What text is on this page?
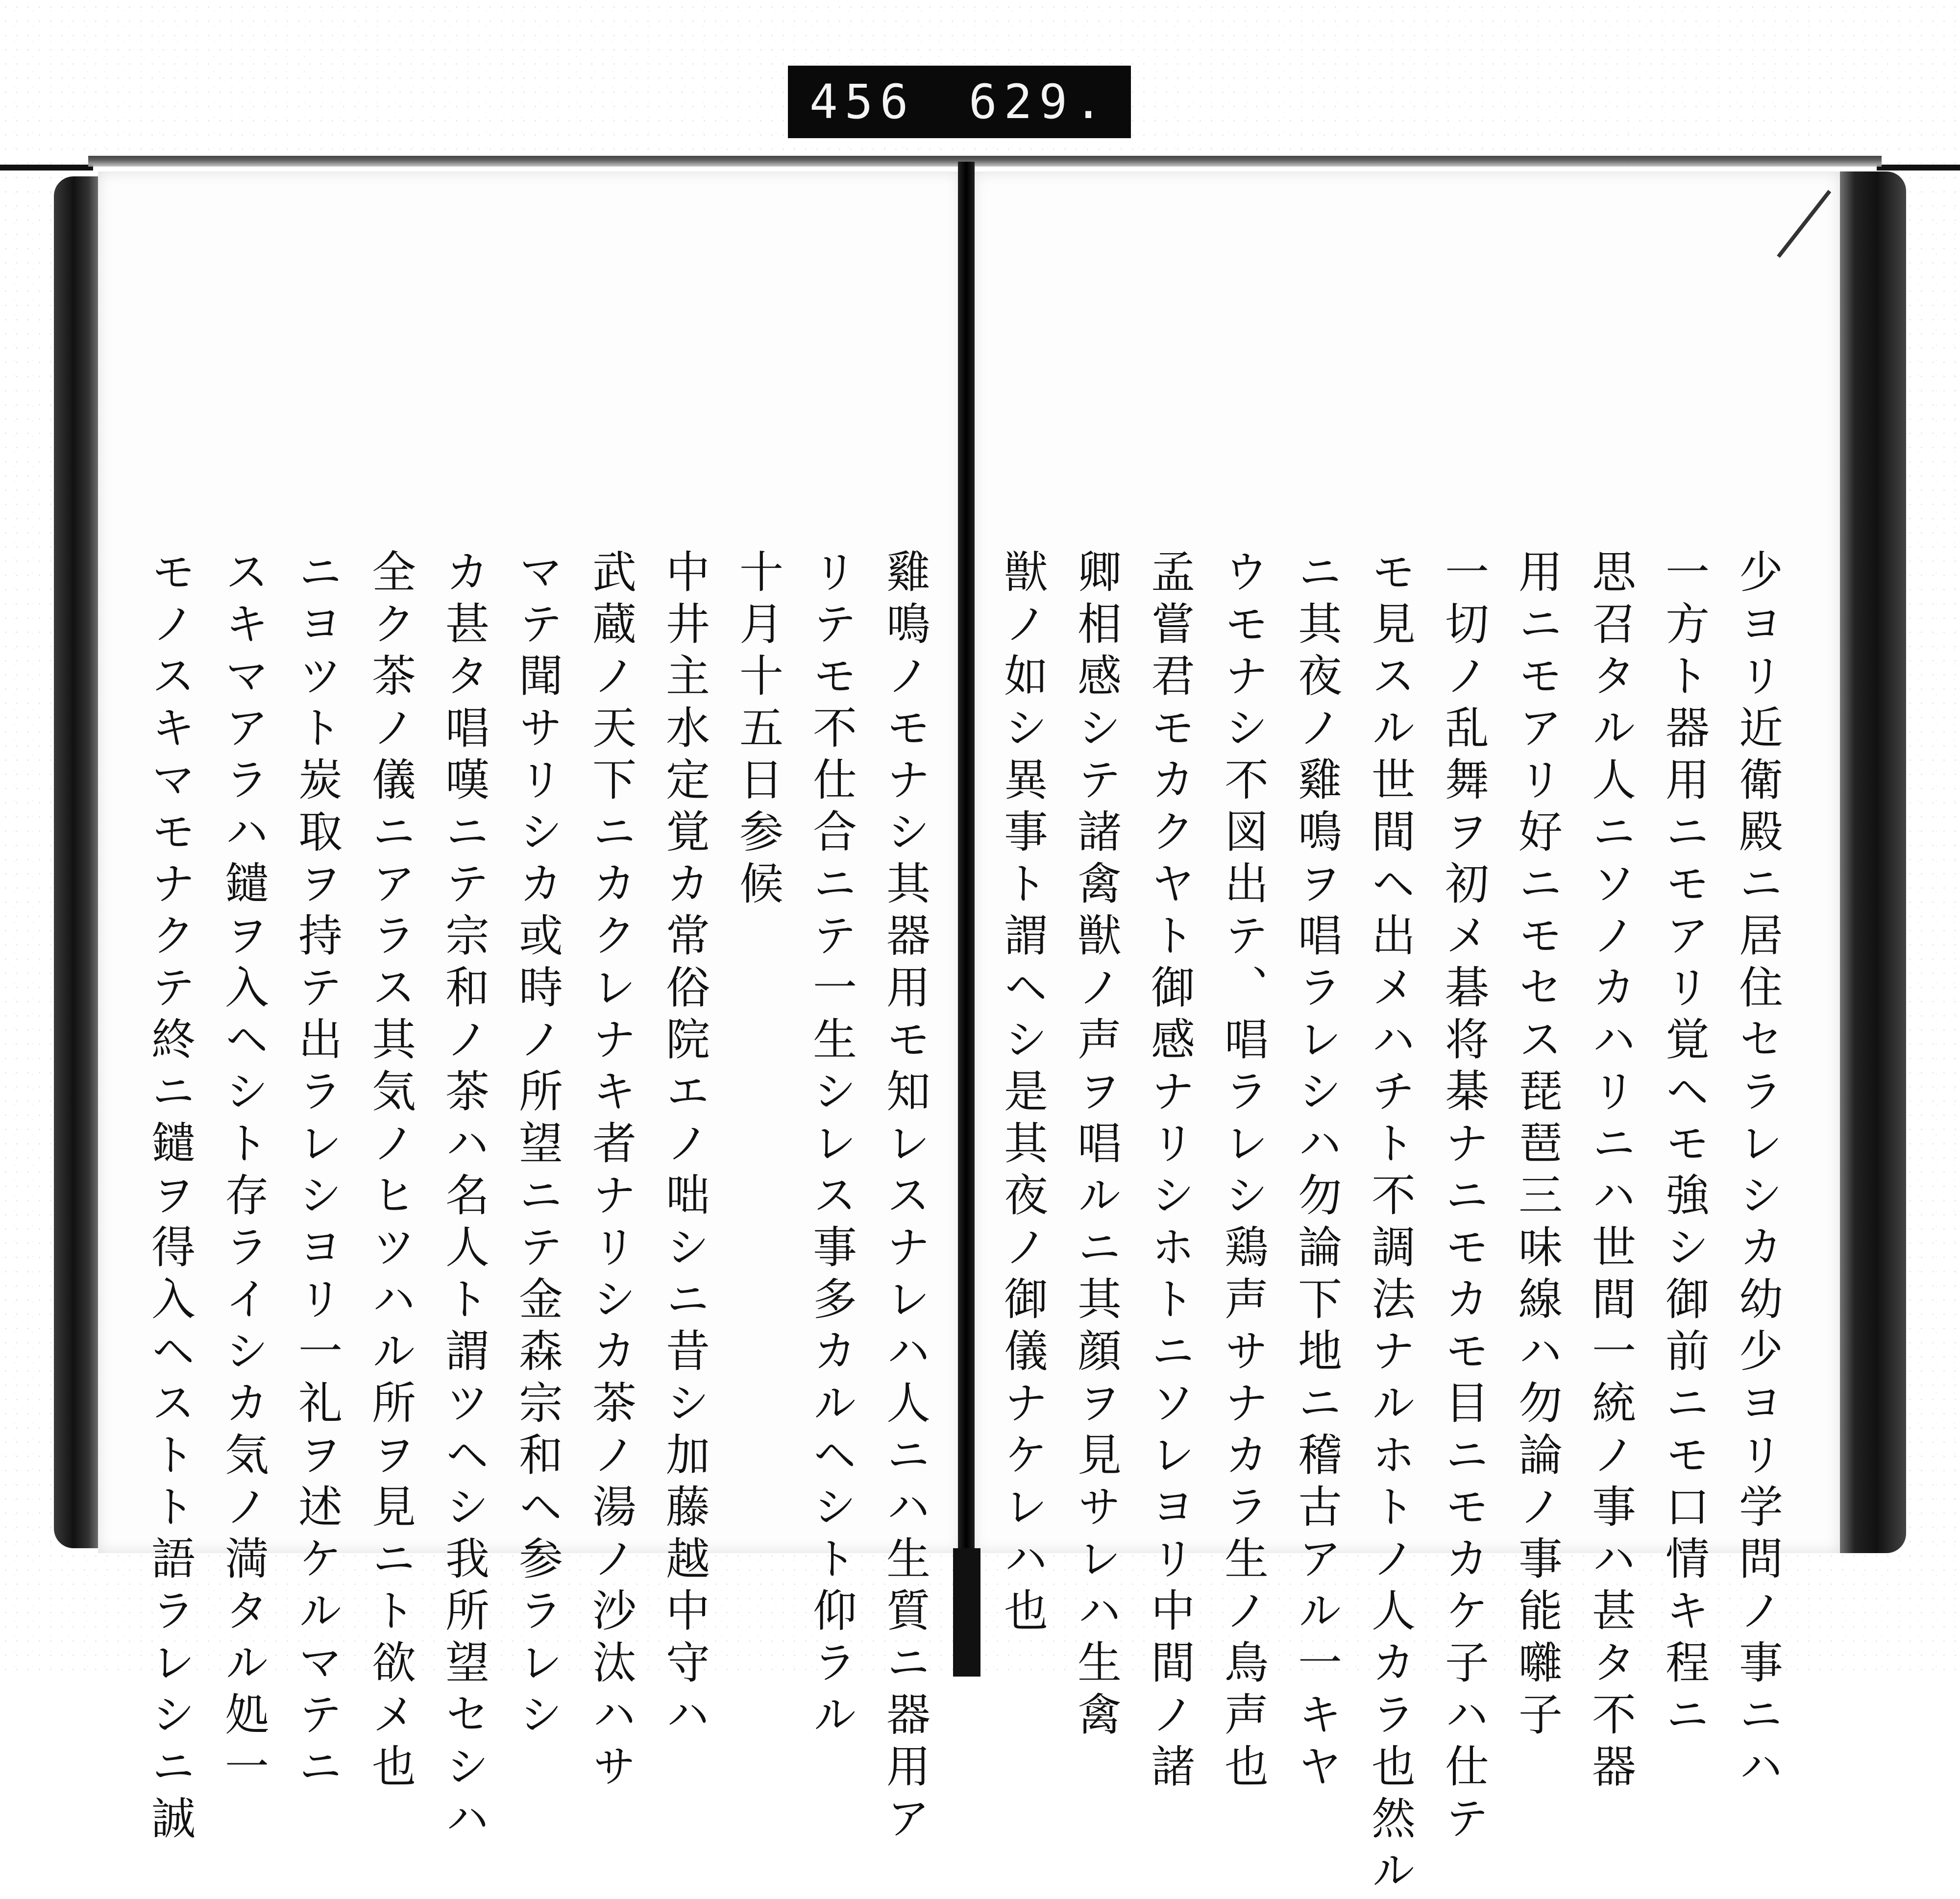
456 629.
雞鳴ノモナシ其器用モ知レスナレハ人ニハ生質ニ器用ア
リテモ不仕合ニテ一生シレス事多カルヘシト仰ラル
十月十五日参候
中井主水定覚カ常俗院エノ咄シニ昔シ加藤越中守ハ
武蔵ノ天下ニカクレナキ者ナリシカ茶ノ湯ノ沙汰ハサ
マテ聞サリシカ或時ノ所望ニテ金森宗和ヘ参ラレシ
カ甚タ唱嘆ニテ宗和ノ茶ハ名人ト謂ツヘシ我所望セシハ
全ク茶ノ儀ニアラス其気ノヒツハル所ヲ見ニト欲メ也
ニヨツト炭取ヲ持テ出ラレシヨリ一礼ヲ述ケルマテニ
スキマアラハ鑓ヲ入ヘシト存ライシカ気ノ満タル処一
モノスキマモナクテ終ニ鑓ヲ得入ヘストト語ラレシニ誠	少ヨリ近衛殿ニ居住セラレシカ幼少ヨリ学問ノ事ニハ
一方ト器用ニモアリ覚ヘモ強シ御前ニモ口情キ程ニ
思召タル人ニソノカハリニハ世間一統ノ事ハ甚タ不器
用ニモアリ好ニモセス琵琶三味線ハ勿論ノ事能囃子
一切ノ乱舞ヲ初メ碁将棊ナニモカモ目ニモカケ子ハ仕テ
モ見スル世間ヘ出メハチト不調法ナルホトノ人カラ也然ル
ニ其夜ノ雞鳴ヲ唱ラレシハ勿論下地ニ稽古アル一キヤ
ウモナシ不図出テ、唱ラレシ鶏声サナカラ生ノ鳥声也
孟嘗君モカクヤト御感ナリシホトニソレヨリ中間ノ諸
卿相感シテ諸禽獣ノ声ヲ唱ルニ其顔ヲ見サレハ生禽
獣ノ如シ異事ト謂ヘシ是其夜ノ御儀ナケレハ也
